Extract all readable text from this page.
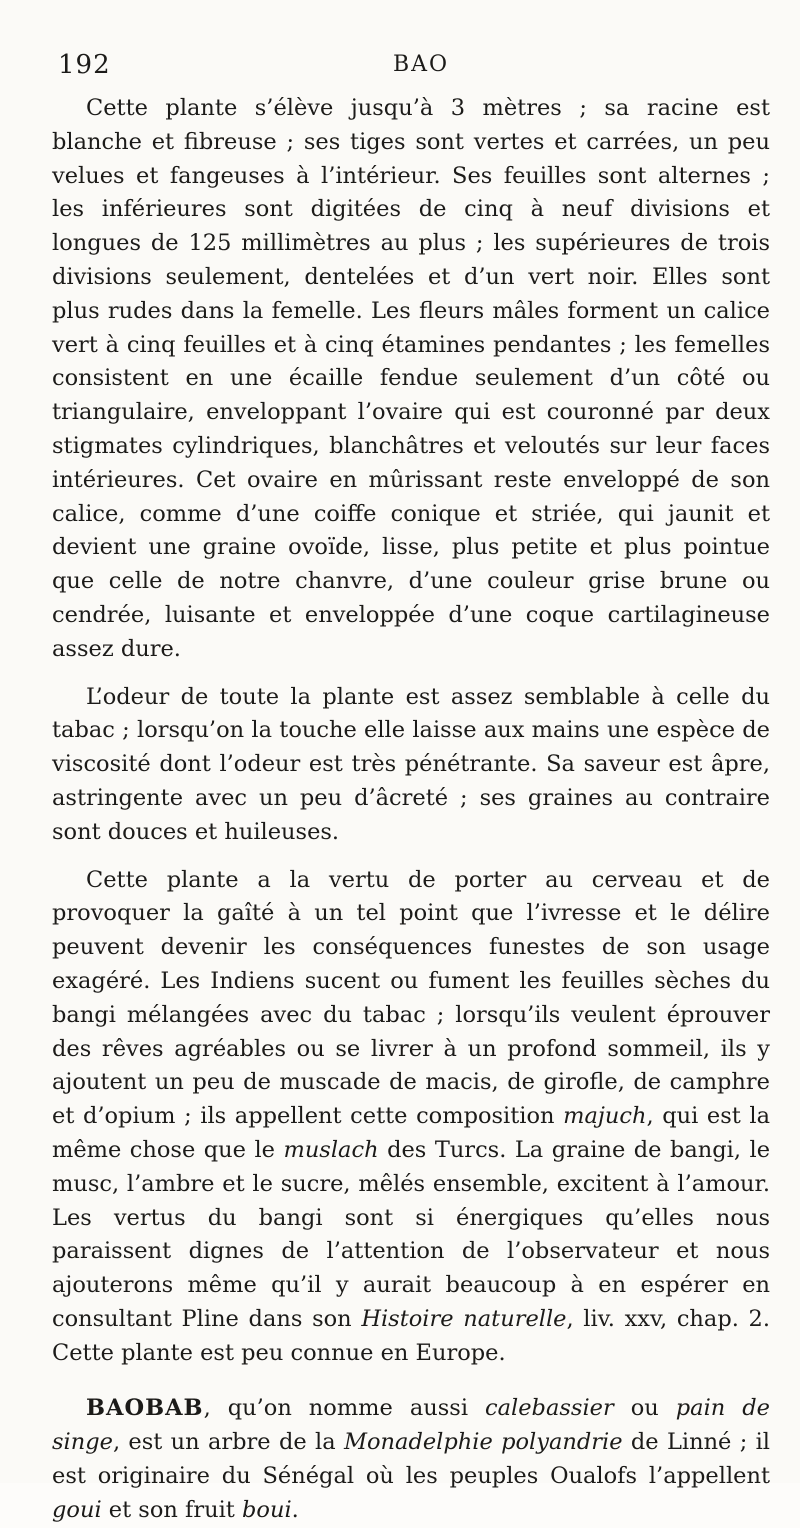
192	BAO

Cette plante s’élève jusqu’à 3 mètres ; sa racine est blanche et fibreuse ; ses tiges sont vertes et carrées, un peu velues et fangeuses à l’intérieur. Ses feuilles sont alternes ; les inférieures sont digitées de cinq à neuf divisions et longues de 125 millimètres au plus ; les supérieures de trois divisions seulement, dentelées et d’un vert noir. Elles sont plus rudes dans la femelle. Les fleurs mâles forment un calice vert à cinq feuilles et à cinq étamines pendantes ; les femelles consistent en une écaille fendue seulement d’un côté ou triangulaire, enveloppant l’ovaire qui est couronné par deux stigmates cylindriques, blanchâtres et veloutés sur leur faces intérieures. Cet ovaire en mûrissant reste enveloppé de son calice, comme d’une coiffe conique et striée, qui jaunit et devient une graine ovoïde, lisse, plus petite et plus pointue que celle de notre chanvre, d’une couleur grise brune ou cendrée, luisante et enveloppée d’une coque cartilagineuse assez dure.

L’odeur de toute la plante est assez semblable à celle du tabac ; lorsqu’on la touche elle laisse aux mains une espèce de viscosité dont l’odeur est très pénétrante. Sa saveur est âpre, astringente avec un peu d’âcreté ; ses graines au contraire sont douces et huileuses.

Cette plante a la vertu de porter au cerveau et de provoquer la gaîté à un tel point que l’ivresse et le délire peuvent devenir les conséquences funestes de son usage exagéré. Les Indiens sucent ou fument les feuilles sèches du bangi mélangées avec du tabac ; lorsqu’ils veulent éprouver des rêves agréables ou se livrer à un profond sommeil, ils y ajoutent un peu de muscade de macis, de girofle, de camphre et d’opium ; ils appellent cette composition majuch, qui est la même chose que le muslach des Turcs. La graine de bangi, le musc, l’ambre et le sucre, mêlés ensemble, excitent à l’amour. Les vertus du bangi sont si énergiques qu’elles nous paraissent dignes de l’attention de l’observateur et nous ajouterons même qu’il y aurait beaucoup à en espérer en consultant Pline dans son Histoire naturelle, liv. xxv, chap. 2. Cette plante est peu connue en Europe.

BAOBAB, qu’on nomme aussi calebassier ou pain de singe, est un arbre de la Monadelphie polyandrie de Linné ; il est originaire du Sénégal où les peuples Oualofs l’appellent goui et son fruit boui.
